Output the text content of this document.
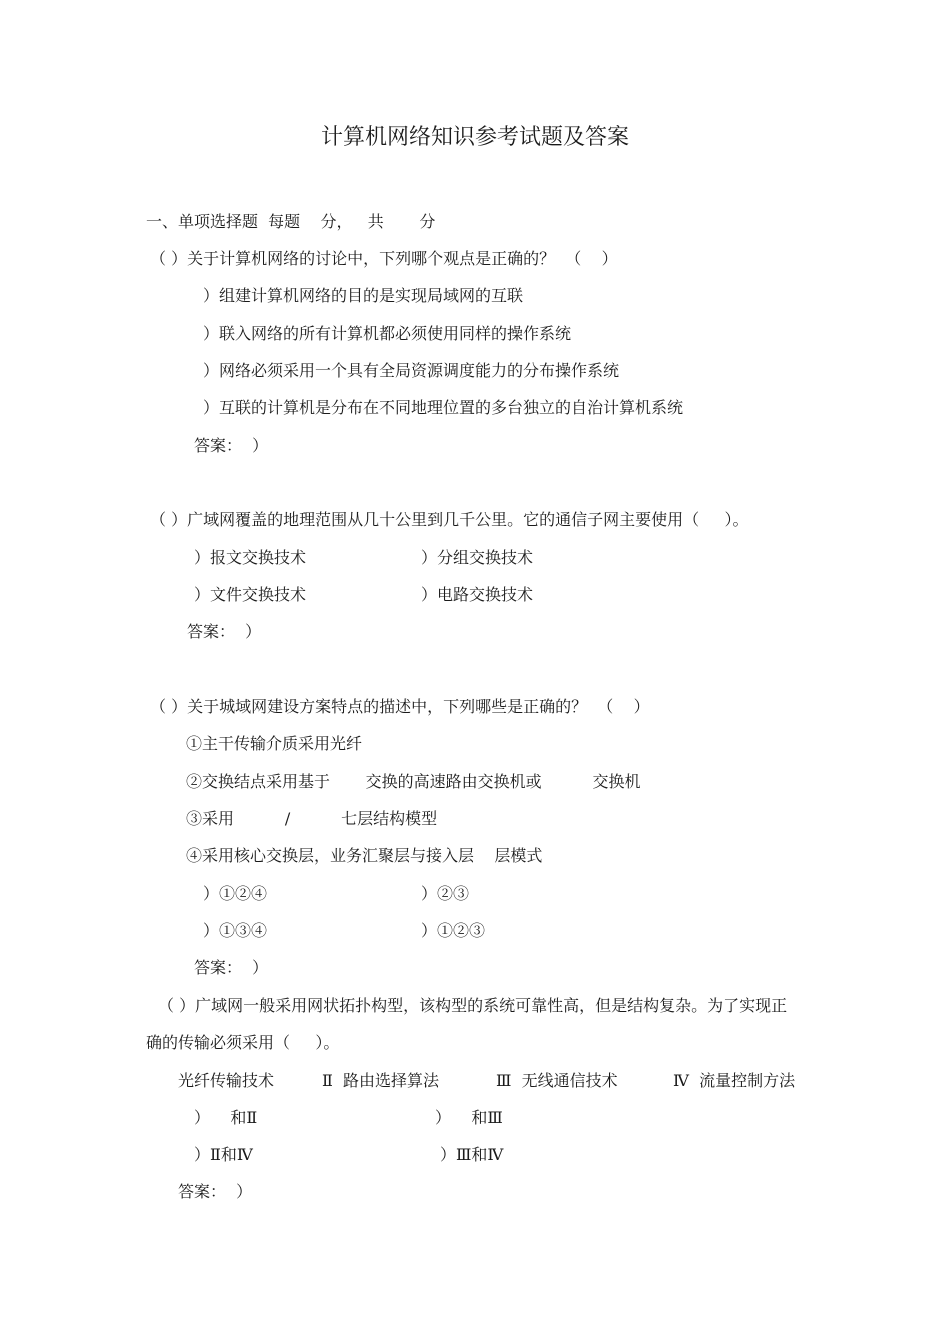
计算机网络知识参考试题及答案
一、单项选择题  每题    分，   共       分
（ ）关于计算机网络的讨论中，下列哪个观点是正确的？  （    ）
）组建计算机网络的目的是实现局域网的互联
）联入网络的所有计算机都必须使用同样的操作系统
）网络必须采用一个具有全局资源调度能力的分布操作系统
）互联的计算机是分布在不同地理位置的多台独立的自治计算机系统
答案：  ）
（ ）广域网覆盖的地理范围从几十公里到几千公里。它的通信子网主要使用（     ）。
）报文交换技术	）分组交换技术
）文件交换技术	）电路交换技术
答案：  ）
（ ）关于城域网建设方案特点的描述中，下列哪些是正确的？  （    ）
①主干传输介质采用光纤
②交换结点采用基于       交换的高速路由交换机或          交换机
③采用          /          七层结构模型
④采用核心交换层，业务汇聚层与接入层    层模式
）①②④	）②③
）①③④	）①②③
答案：  ）
（ ）广域网一般采用网状拓扑构型，该构型的系统可靠性高，但是结构复杂。为了实现正
确的传输必须采用（     ）。
光纤传输技术	Ⅱ  路由选择算法	Ⅲ  无线通信技术	Ⅳ  流量控制方法
）    和Ⅱ	）    和Ⅲ
）Ⅱ和Ⅳ	）Ⅲ和Ⅳ
答案：  ）
